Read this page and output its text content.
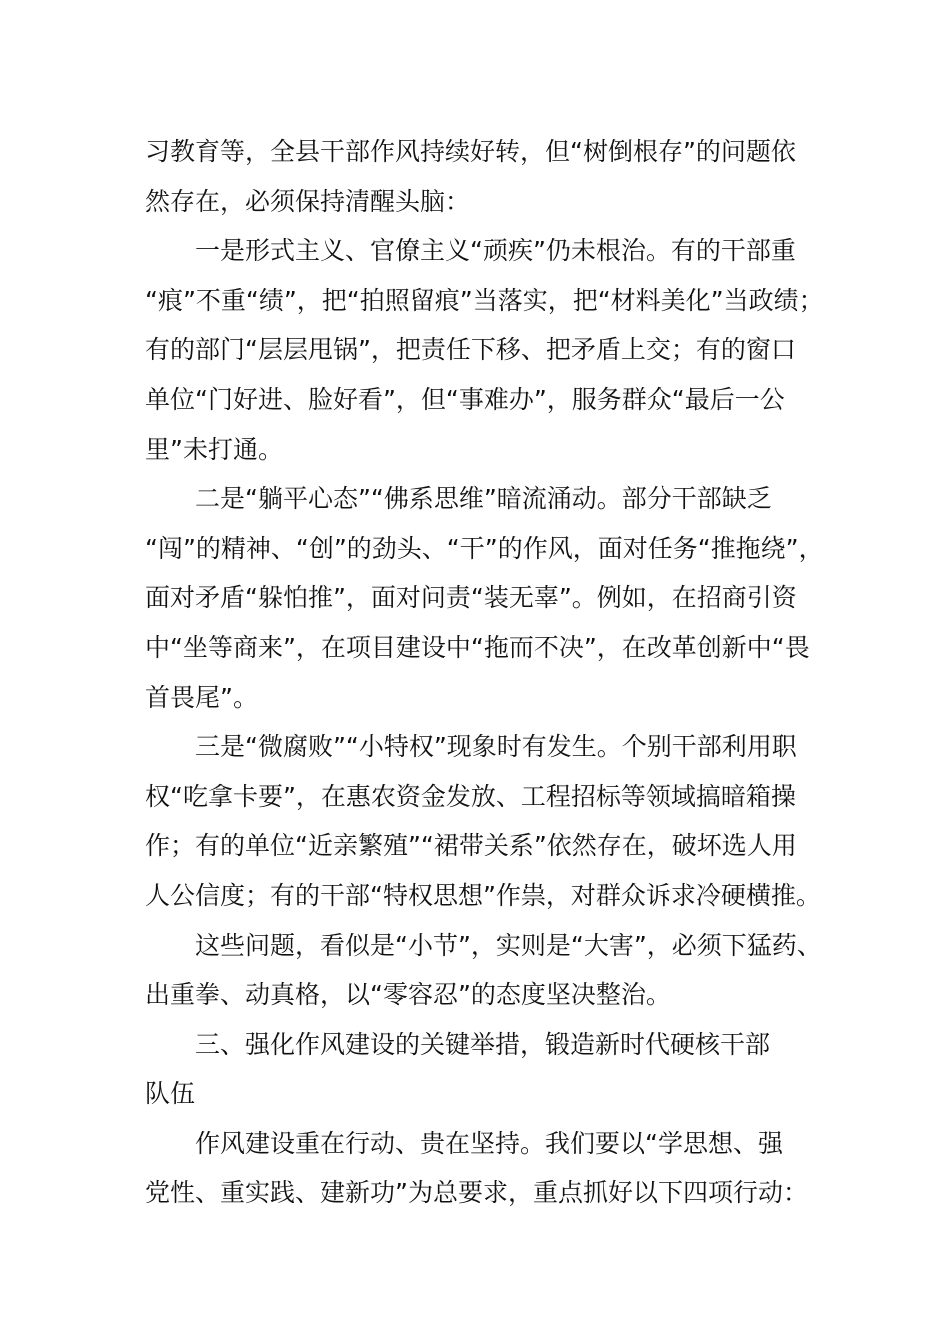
习教育等，全县干部作风持续好转，但“树倒根存”的问题依
然存在，必须保持清醒头脑：
　　一是形式主义、官僚主义“顽疾”仍未根治。有的干部重
“痕”不重“绩”，把“拍照留痕”当落实，把“材料美化”当政绩；
有的部门“层层甩锅”，把责任下移、把矛盾上交；有的窗口
单位“门好进、脸好看”，但“事难办”，服务群众“最后一公
里”未打通。
　　二是“躺平心态”“佛系思维”暗流涌动。部分干部缺乏
“闯”的精神、“创”的劲头、“干”的作风，面对任务“推拖绕”，
面对矛盾“躲怕推”，面对问责“装无辜”。例如，在招商引资
中“坐等商来”，在项目建设中“拖而不决”，在改革创新中“畏
首畏尾”。
　　三是“微腐败”“小特权”现象时有发生。个别干部利用职
权“吃拿卡要”，在惠农资金发放、工程招标等领域搞暗箱操
作；有的单位“近亲繁殖”“裙带关系”依然存在，破坏选人用
人公信度；有的干部“特权思想”作祟，对群众诉求冷硬横推。
　　这些问题，看似是“小节”，实则是“大害”，必须下猛药、
出重拳、动真格，以“零容忍”的态度坚决整治。
　　三、强化作风建设的关键举措，锻造新时代硬核干部
队伍
　　作风建设重在行动、贵在坚持。我们要以“学思想、强
党性、重实践、建新功”为总要求，重点抓好以下四项行动：
